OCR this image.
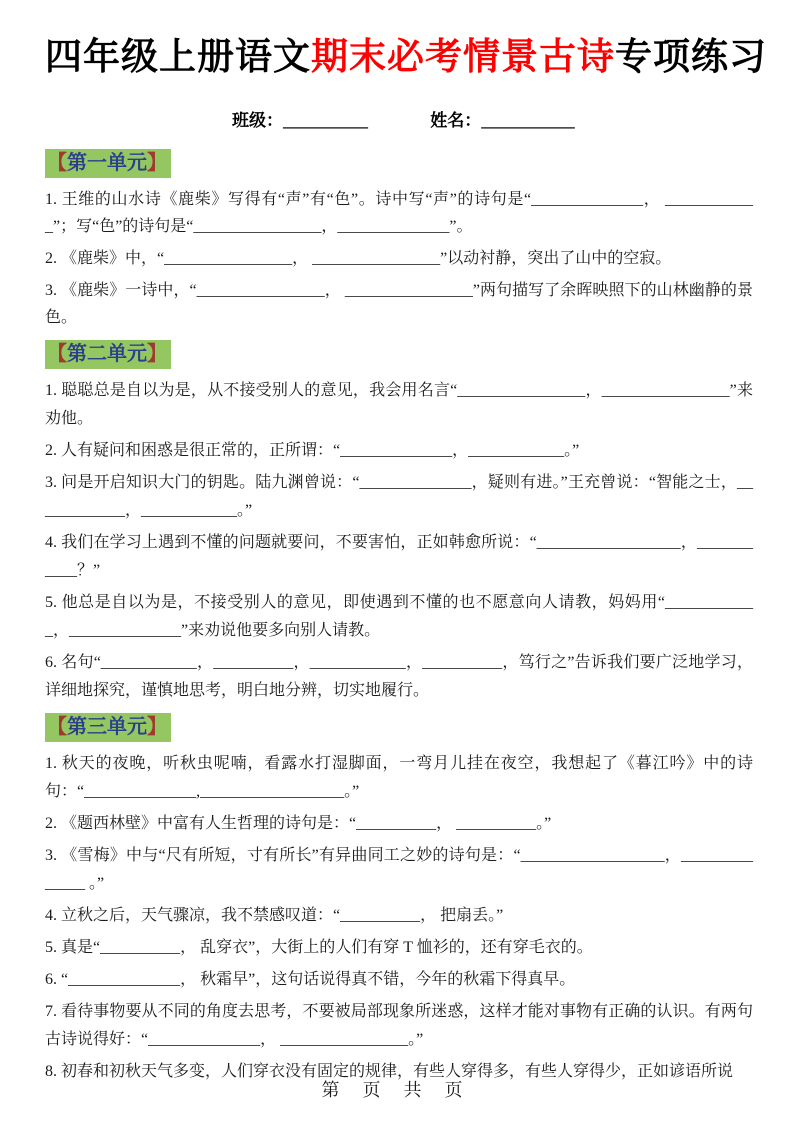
四年级上册语文期末必考情景古诗专项练习
班级：__________	姓名：___________
【第一单元】

1. 王维的山水诗《鹿柴》写得有“声”有“色”。诗中写“声”的诗句是“______________， ____________”；写“色”的诗句是“________________，______________”。

2. 《鹿柴》中，“________________， ________________”以动衬静，突出了山中的空寂。

3. 《鹿柴》一诗中，“________________， ________________”两句描写了余晖映照下的山林幽静的景色。

【第二单元】

1. 聪聪总是自以为是，从不接受别人的意见，我会用名言“________________，________________”来劝他。

2. 人有疑问和困惑是很正常的，正所谓：“______________，____________。”

3. 问是开启知识大门的钥匙。陆九渊曾说：“______________，疑则有进。”王充曾说：“智能之士，____________，____________。”

4. 我们在学习上遇到不懂的问题就要问，不要害怕，正如韩愈所说：“__________________，___________？”

5. 他总是自以为是，不接受别人的意见，即使遇到不懂的也不愿意向人请教，妈妈用“____________，______________”来劝说他要多向别人请教。

6. 名句“____________，__________，____________，__________，笃行之”告诉我们要广泛地学习，详细地探究，谨慎地思考，明白地分辨，切实地履行。

【第三单元】

1. 秋天的夜晚，听秋虫呢喃，看露水打湿脚面，一弯月儿挂在夜空，我想起了《暮江吟》中的诗句：“______________,__________________。”

2. 《题西林壁》中富有人生哲理的诗句是：“__________， __________。”

3. 《雪梅》中与“尺有所短，寸有所长”有异曲同工之妙的诗句是：“__________________，______________ 。”

4. 立秋之后，天气骤凉，我不禁感叹道：“__________， 把扇丢。”

5. 真是“__________， 乱穿衣”，大街上的人们有穿 T 恤衫的，还有穿毛衣的。

6. “______________， 秋霜早”，这句话说得真不错，今年的秋霜下得真早。

7. 看待事物要从不同的角度去思考，不要被局部现象所迷惑，这样才能对事物有正确的认识。有两句古诗说得好：“______________， ________________。”

8. 初春和初秋天气多变，人们穿衣没有固定的规律，有些人穿得多，有些人穿得少，正如谚语所说

第 页 共 页
